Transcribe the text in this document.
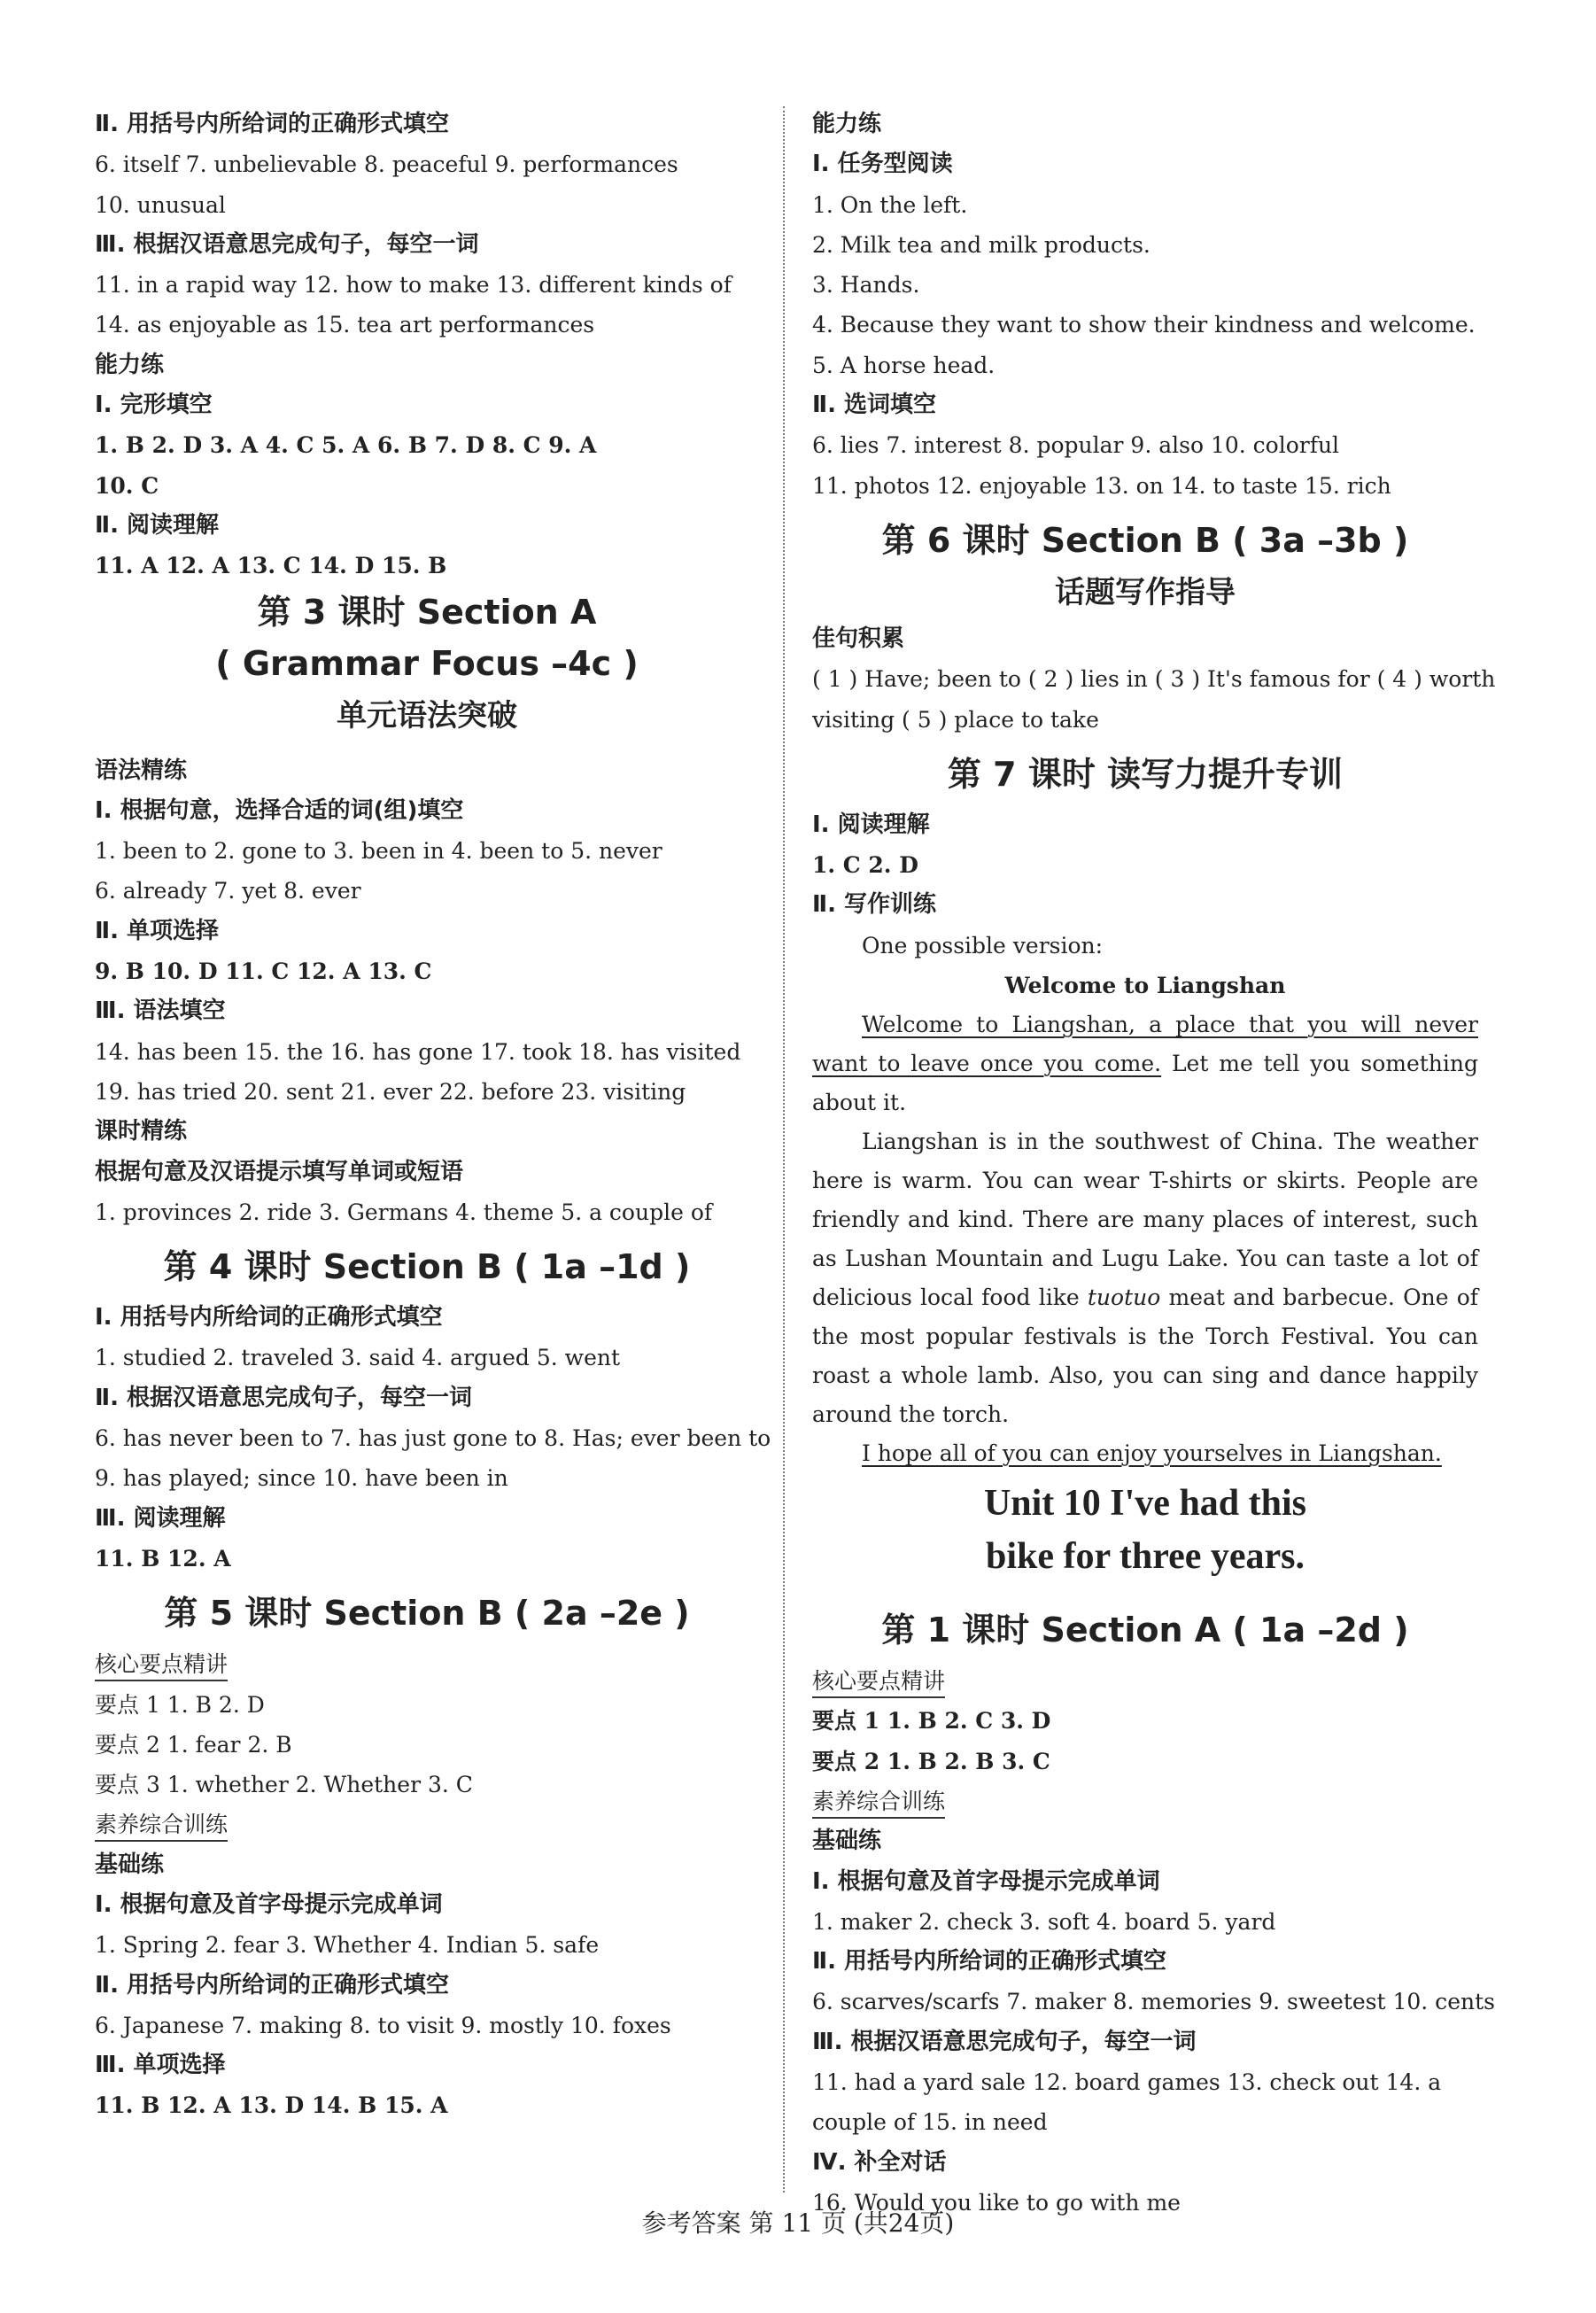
Ⅱ. 用括号内所给词的正确形式填空
6. itself 7. unbelievable 8. peaceful 9. performances
10. unusual
Ⅲ. 根据汉语意思完成句子，每空一词
11. in a rapid way 12. how to make 13. different kinds of
14. as enjoyable as 15. tea art performances
能力练
Ⅰ. 完形填空
1. B 2. D 3. A 4. C 5. A 6. B 7. D 8. C 9. A
10. C
Ⅱ. 阅读理解
11. A 12. A 13. C 14. D 15. B
第 3 课时 Section A
( Grammar Focus –4c )
单元语法突破
语法精练
Ⅰ. 根据句意，选择合适的词(组)填空
1. been to 2. gone to 3. been in 4. been to 5. never
6. already 7. yet 8. ever
Ⅱ. 单项选择
9. B 10. D 11. C 12. A 13. C
Ⅲ. 语法填空
14. has been 15. the 16. has gone 17. took 18. has visited
19. has tried 20. sent 21. ever 22. before 23. visiting
课时精练
根据句意及汉语提示填写单词或短语
1. provinces 2. ride 3. Germans 4. theme 5. a couple of
第 4 课时 Section B ( 1a –1d )
Ⅰ. 用括号内所给词的正确形式填空
1. studied 2. traveled 3. said 4. argued 5. went
Ⅱ. 根据汉语意思完成句子，每空一词
6. has never been to 7. has just gone to 8. Has; ever been to
9. has played; since 10. have been in
Ⅲ. 阅读理解
11. B 12. A
第 5 课时 Section B ( 2a –2e )
核心要点精讲
要点 1 1. B 2. D
要点 2 1. fear 2. B
要点 3 1. whether 2. Whether 3. C
素养综合训练
基础练
Ⅰ. 根据句意及首字母提示完成单词
1. Spring 2. fear 3. Whether 4. Indian 5. safe
Ⅱ. 用括号内所给词的正确形式填空
6. Japanese 7. making 8. to visit 9. mostly 10. foxes
Ⅲ. 单项选择
11. B 12. A 13. D 14. B 15. A
能力练
Ⅰ. 任务型阅读
1. On the left.
2. Milk tea and milk products.
3. Hands.
4. Because they want to show their kindness and welcome.
5. A horse head.
Ⅱ. 选词填空
6. lies 7. interest 8. popular 9. also 10. colorful
11. photos 12. enjoyable 13. on 14. to taste 15. rich
第 6 课时 Section B ( 3a –3b )
话题写作指导
佳句积累
( 1 ) Have; been to ( 2 ) lies in ( 3 ) It's famous for ( 4 ) worth
visiting ( 5 ) place to take
第 7 课时 读写力提升专训
Ⅰ. 阅读理解
1. C 2. D
Ⅱ. 写作训练
One possible version:
Welcome to Liangshan
Welcome to Liangshan, a place that you will never want to leave once you come. Let me tell you something about it.
Liangshan is in the southwest of China. The weather here is warm. You can wear T-shirts or skirts. People are friendly and kind. There are many places of interest, such as Lushan Mountain and Lugu Lake. You can taste a lot of delicious local food like tuotuo meat and barbecue. One of the most popular festivals is the Torch Festival. You can roast a whole lamb. Also, you can sing and dance happily around the torch.
I hope all of you can enjoy yourselves in Liangshan.
Unit 10 I've had this
bike for three years.
第 1 课时 Section A ( 1a –2d )
核心要点精讲
要点 1 1. B 2. C 3. D
要点 2 1. B 2. B 3. C
素养综合训练
基础练
Ⅰ. 根据句意及首字母提示完成单词
1. maker 2. check 3. soft 4. board 5. yard
Ⅱ. 用括号内所给词的正确形式填空
6. scarves/scarfs 7. maker 8. memories 9. sweetest 10. cents
Ⅲ. 根据汉语意思完成句子，每空一词
11. had a yard sale 12. board games 13. check out 14. a
couple of 15. in need
Ⅳ. 补全对话
16. Would you like to go with me
参考答案 第 11 页 (共24页)
